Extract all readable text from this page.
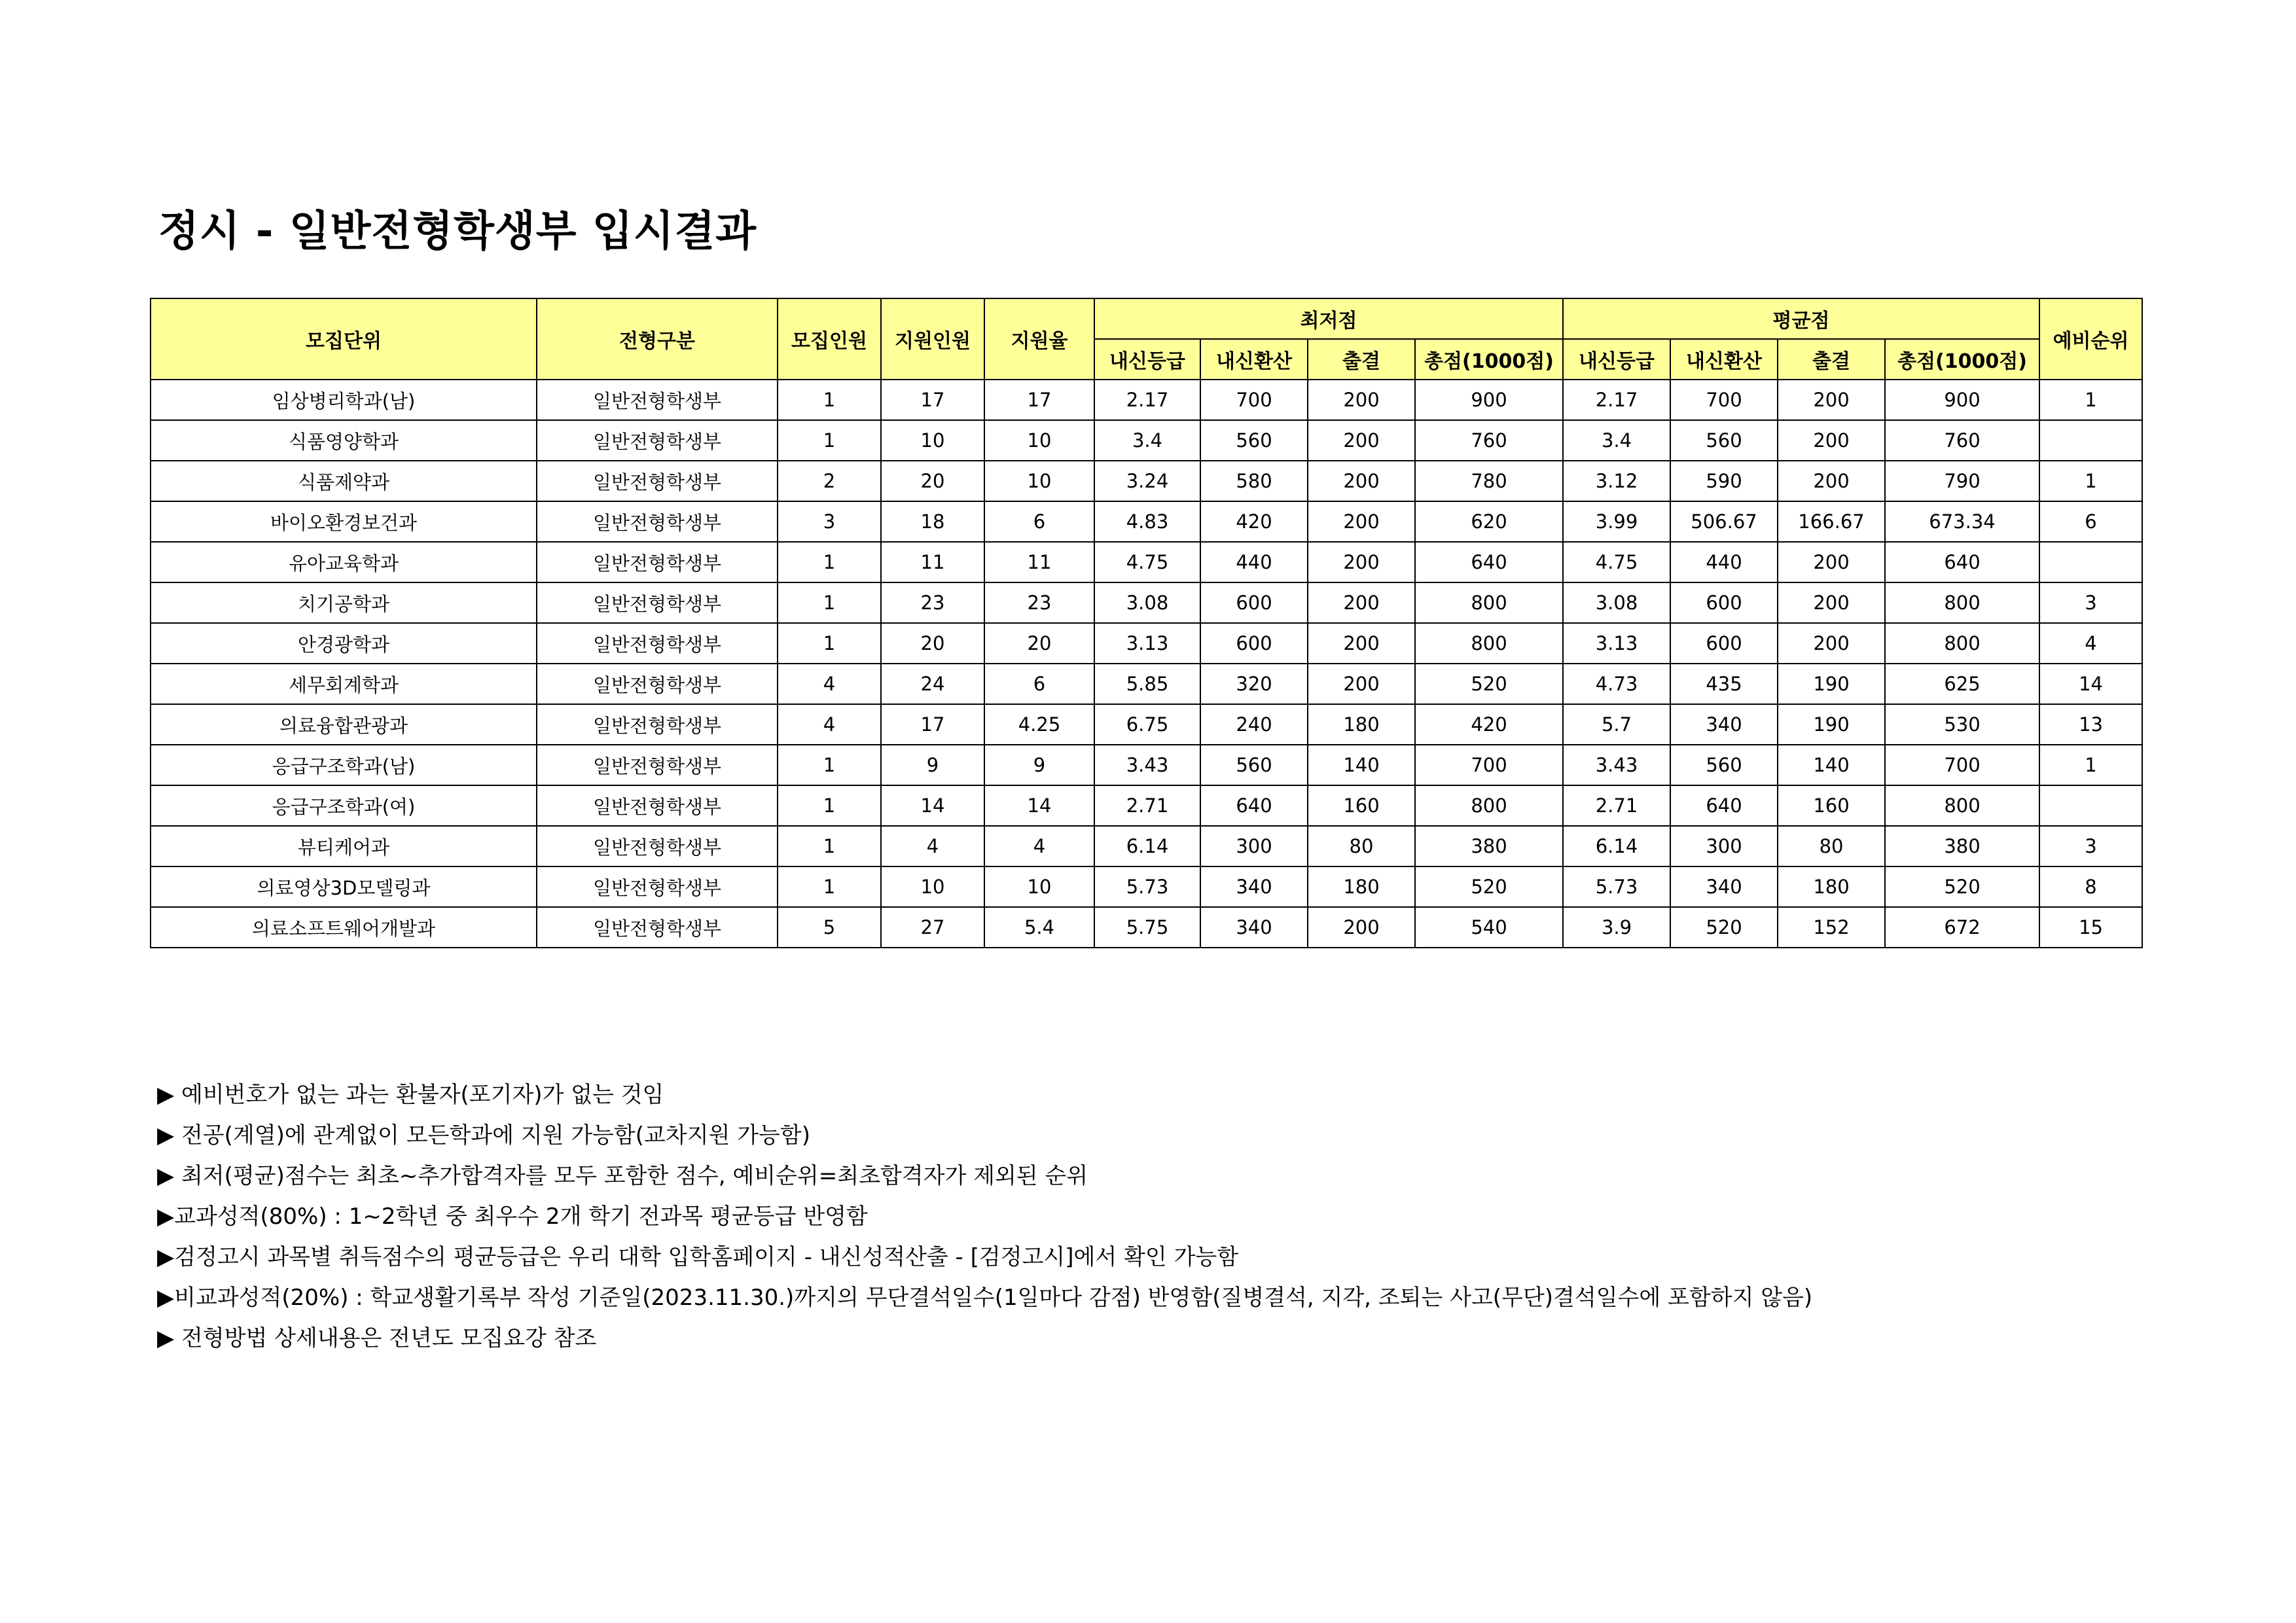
정시 - 일반전형학생부 입시결과
모집단위	전형구분	모집인원	지원인원	지원율	최저점				평균점				예비순위
					내신등급	내신환산	출결	총점(1000점)	내신등급	내신환산	출결	총점(1000점)	
임상병리학과(남)	일반전형학생부	1	17	17	2.17	700	200	900	2.17	700	200	900	1
식품영양학과	일반전형학생부	1	10	10	3.4	560	200	760	3.4	560	200	760	
식품제약과	일반전형학생부	2	20	10	3.24	580	200	780	3.12	590	200	790	1
바이오환경보건과	일반전형학생부	3	18	6	4.83	420	200	620	3.99	506.67	166.67	673.34	6
유아교육학과	일반전형학생부	1	11	11	4.75	440	200	640	4.75	440	200	640	
치기공학과	일반전형학생부	1	23	23	3.08	600	200	800	3.08	600	200	800	3
안경광학과	일반전형학생부	1	20	20	3.13	600	200	800	3.13	600	200	800	4
세무회계학과	일반전형학생부	4	24	6	5.85	320	200	520	4.73	435	190	625	14
의료융합관광과	일반전형학생부	4	17	4.25	6.75	240	180	420	5.7	340	190	530	13
응급구조학과(남)	일반전형학생부	1	9	9	3.43	560	140	700	3.43	560	140	700	1
응급구조학과(여)	일반전형학생부	1	14	14	2.71	640	160	800	2.71	640	160	800	
뷰티케어과	일반전형학생부	1	4	4	6.14	300	80	380	6.14	300	80	380	3
의료영상3D모델링과	일반전형학생부	1	10	10	5.73	340	180	520	5.73	340	180	520	8
의료소프트웨어개발과	일반전형학생부	5	27	5.4	5.75	340	200	540	3.9	520	152	672	15
▶ 예비번호가 없는 과는 환불자(포기자)가 없는 것임
▶ 전공(계열)에 관계없이 모든학과에 지원 가능함(교차지원 가능함)
▶ 최저(평균)점수는 최초~추가합격자를 모두 포함한 점수, 예비순위=최초합격자가 제외된 순위
▶교과성적(80%) : 1~2학년 중 최우수 2개 학기 전과목 평균등급 반영함
▶검정고시 과목별 취득점수의 평균등급은 우리 대학 입학홈페이지 - 내신성적산출 - [검정고시]에서 확인 가능함
▶비교과성적(20%) : 학교생활기록부 작성 기준일(2023.11.30.)까지의 무단결석일수(1일마다 감점) 반영함(질병결석, 지각, 조퇴는 사고(무단)결석일수에 포함하지 않음)
▶ 전형방법 상세내용은 전년도 모집요강 참조
